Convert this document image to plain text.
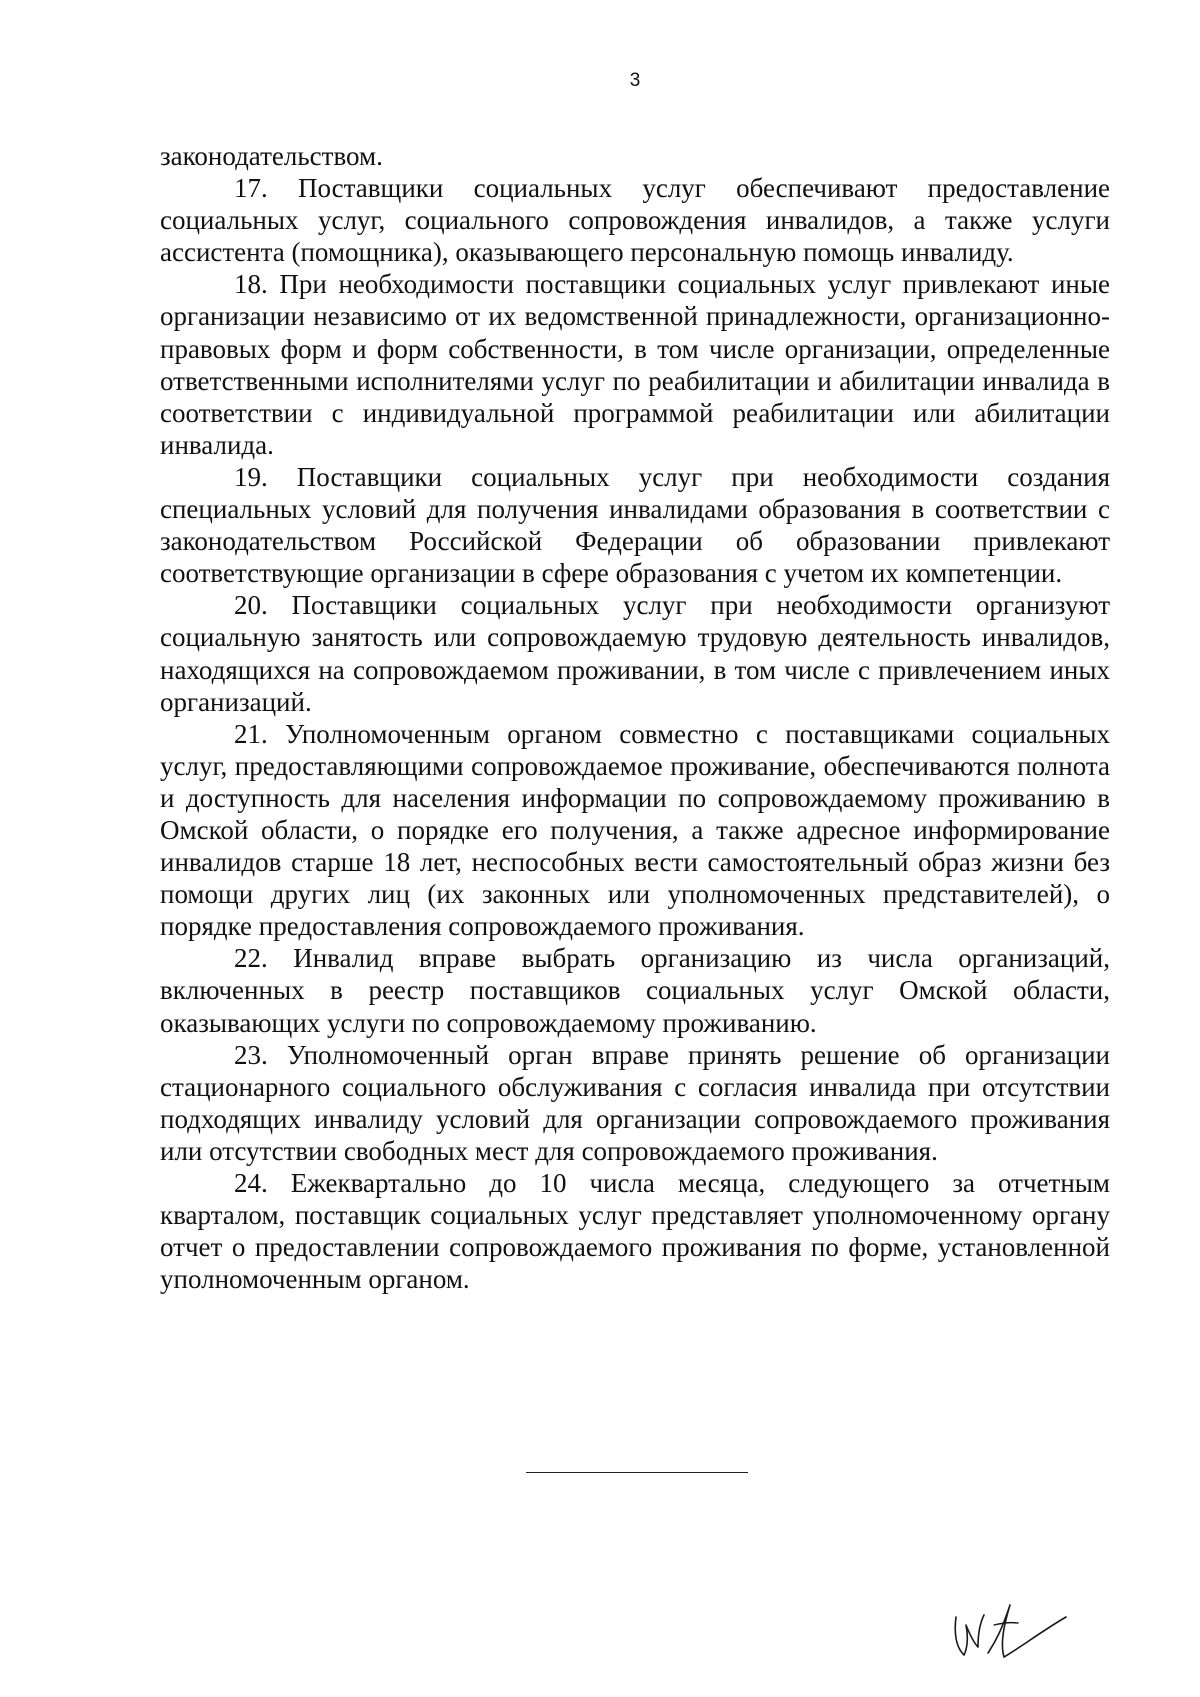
3

законодательством.

17. Поставщики социальных услуг обеспечивают предоставление социальных услуг, социального сопровождения инвалидов, а также услуги ассистента (помощника), оказывающего персональную помощь инвалиду.

18. При необходимости поставщики социальных услуг привлекают иные организации независимо от их ведомственной принадлежности, организационно-правовых форм и форм собственности, в том числе организации, определенные ответственными исполнителями услуг по реабилитации и абилитации инвалида в соответствии с индивидуальной программой реабилитации или абилитации инвалида.

19. Поставщики социальных услуг при необходимости создания специальных условий для получения инвалидами образования в соответствии с законодательством Российской Федерации об образовании привлекают соответствующие организации в сфере образования с учетом их компетенции.

20. Поставщики социальных услуг при необходимости организуют социальную занятость или сопровождаемую трудовую деятельность инвалидов, находящихся на сопровождаемом проживании, в том числе с привлечением иных организаций.

21. Уполномоченным органом совместно с поставщиками социальных услуг, предоставляющими сопровождаемое проживание, обеспечиваются полнота и доступность для населения информации по сопровождаемому проживанию в Омской области, о порядке его получения, а также адресное информирование инвалидов старше 18 лет, неспособных вести самостоятельный образ жизни без помощи других лиц (их законных или уполномоченных представителей), о порядке предоставления сопровождаемого проживания.

22. Инвалид вправе выбрать организацию из числа организаций, включенных в реестр поставщиков социальных услуг Омской области, оказывающих услуги по сопровождаемому проживанию.

23. Уполномоченный орган вправе принять решение об организации стационарного социального обслуживания с согласия инвалида при отсутствии подходящих инвалиду условий для организации сопровождаемого проживания или отсутствии свободных мест для сопровождаемого проживания.

24. Ежеквартально до 10 числа месяца, следующего за отчетным кварталом, поставщик социальных услуг представляет уполномоченному органу отчет о предоставлении сопровождаемого проживания по форме, установленной уполномоченным органом.
